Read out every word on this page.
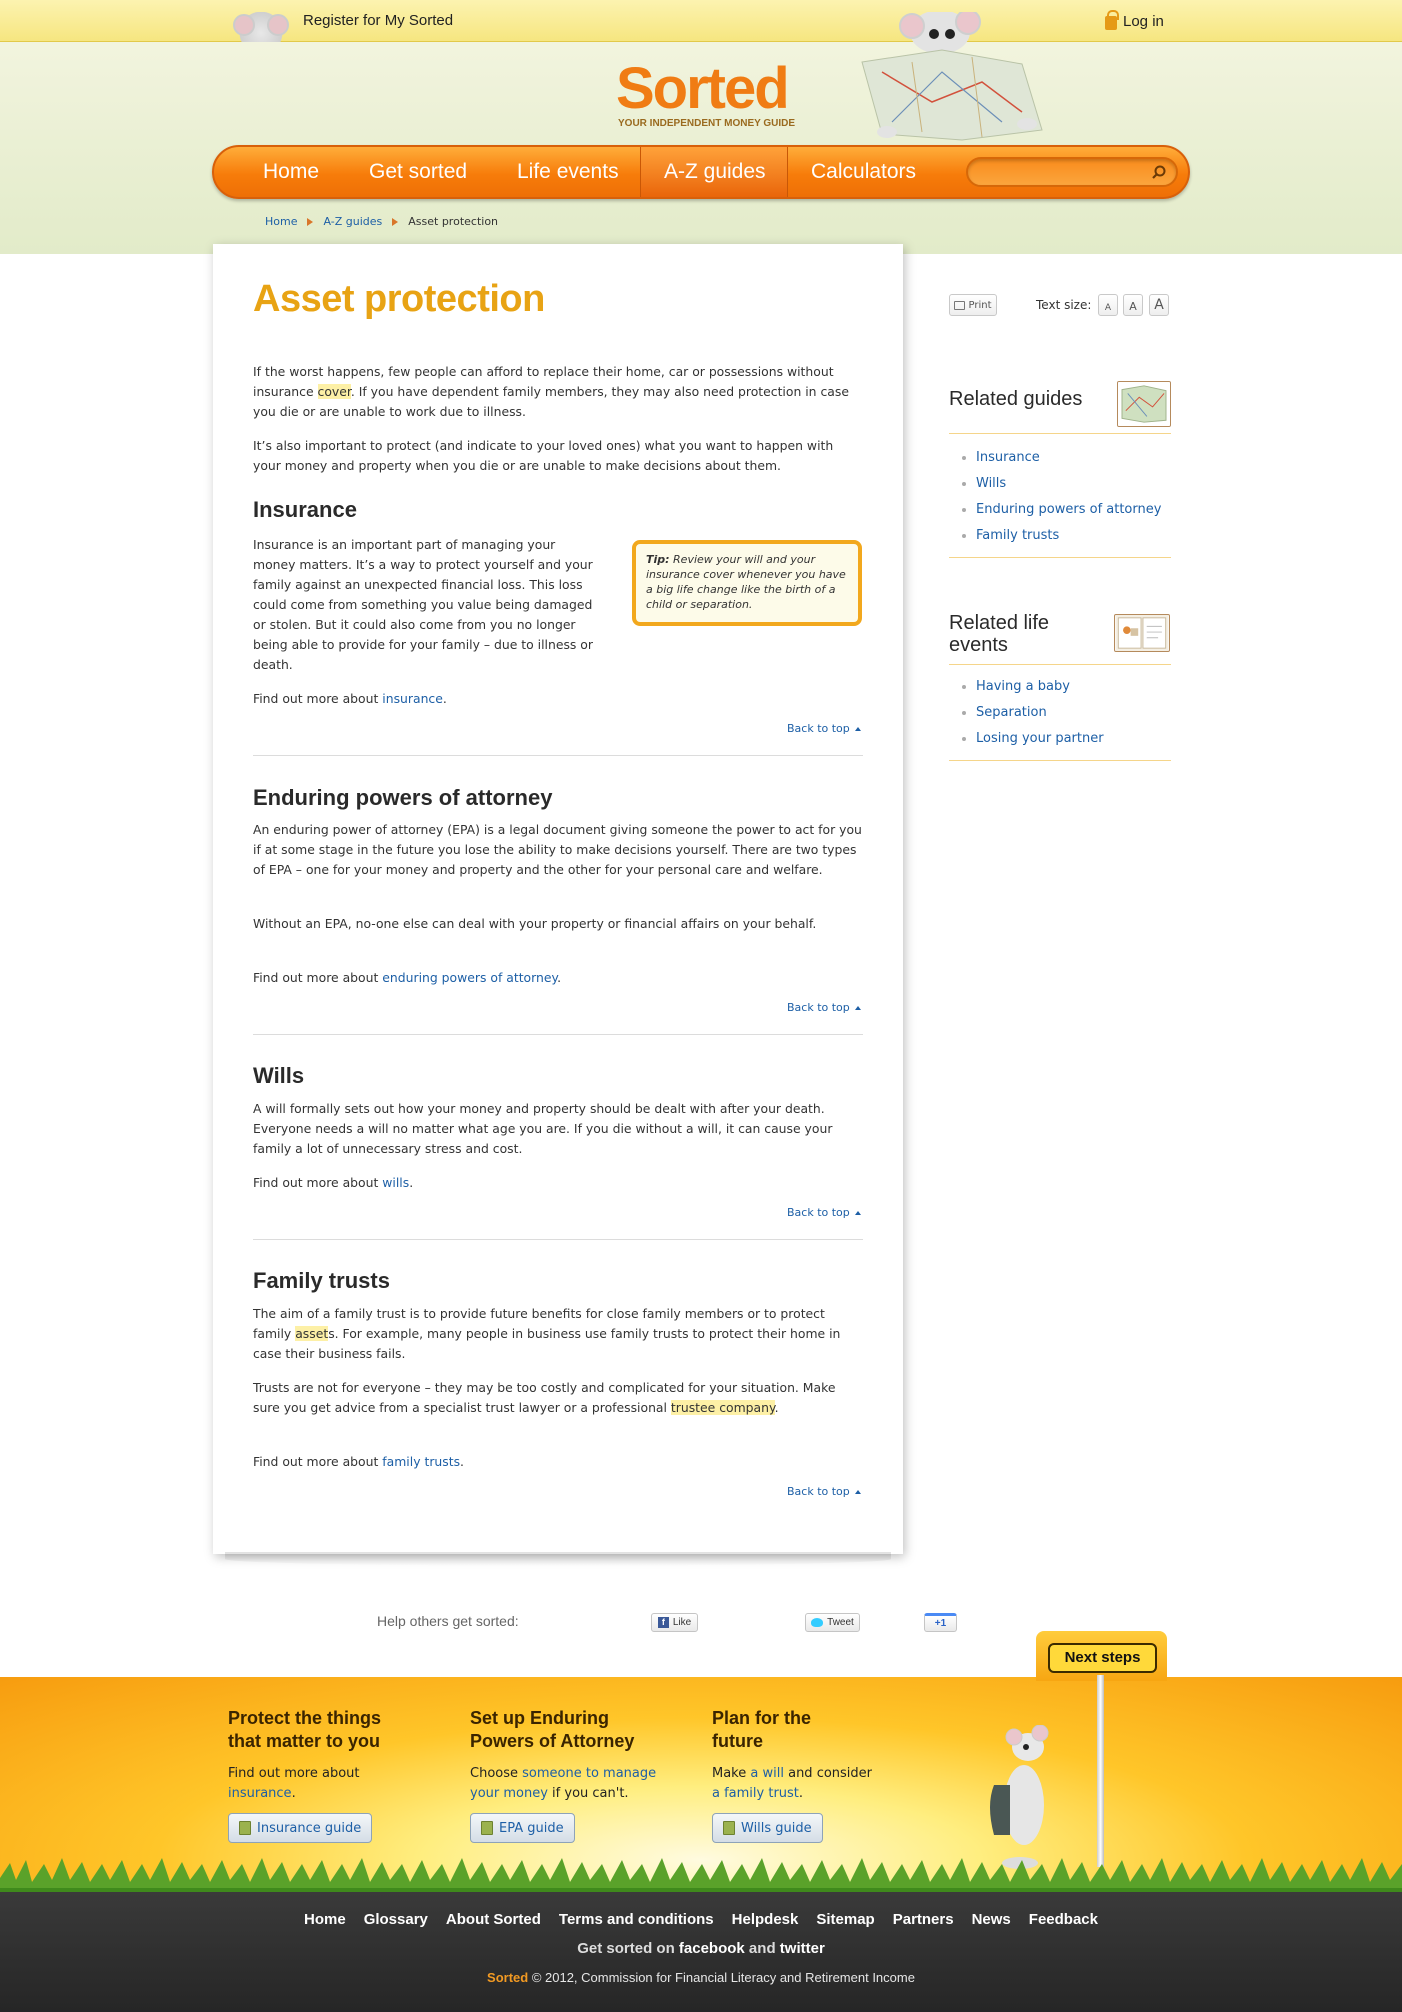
Register for My Sorted	Log in
Sorted
YOUR INDEPENDENT MONEY GUIDE
Home Get sorted Life events A-Z guides Calculators
Home A-Z guides Asset protection
Asset protection

If the worst happens, few people can afford to replace their home, car or possessions without insurance cover. If you have dependent family members, they may also need protection in case you die or are unable to work due to illness.

It’s also important to protect (and indicate to your loved ones) what you want to happen with your money and property when you die or are unable to make decisions about them.

Insurance

Insurance is an important part of managing your money matters. It’s a way to protect yourself and your family against an unexpected financial loss. This loss could come from something you value being damaged or stolen. But it could also come from you no longer being able to provide for your family – due to illness or death.

Tip: Review your will and your insurance cover whenever you have a big life change like the birth of a child or separation.

Find out more about insurance.

Back to top
Enduring powers of attorney

An enduring power of attorney (EPA) is a legal document giving someone the power to act for you if at some stage in the future you lose the ability to make decisions yourself. There are two types of EPA – one for your money and property and the other for your personal care and welfare.

Without an EPA, no-one else can deal with your property or financial affairs on your behalf.

Find out more about enduring powers of attorney.

Back to top
Wills

A will formally sets out how your money and property should be dealt with after your death. Everyone needs a will no matter what age you are. If you die without a will, it can cause your family a lot of unnecessary stress and cost.

Find out more about wills.

Back to top
Family trusts

The aim of a family trust is to provide future benefits for close family members or to protect family assets. For example, many people in business use family trusts to protect their home in case their business fails.

Trusts are not for everyone – they may be too costly and complicated for your situation. Make sure you get advice from a specialist trust lawyer or a professional trustee company.

Find out more about family trusts.

Back to top
Print	Text size:	A	A	A
Related guides
Insurance
Wills
Enduring powers of attorney
Family trusts
Related life events
Having a baby
Separation
Losing your partner
Help others get sorted:	f Like	Tweet	+1
Next steps
Protect the things that matter to you

Find out more about insurance.

Insurance guide
Set up Enduring Powers of Attorney

Choose someone to manage your money if you can't.

EPA guide
Plan for the future

Make a will and consider a family trust.

Wills guide
Home Glossary About Sorted Terms and conditions Helpdesk Sitemap Partners News Feedback
Get sorted on facebook and twitter
Sorted © 2012, Commission for Financial Literacy and Retirement Income
